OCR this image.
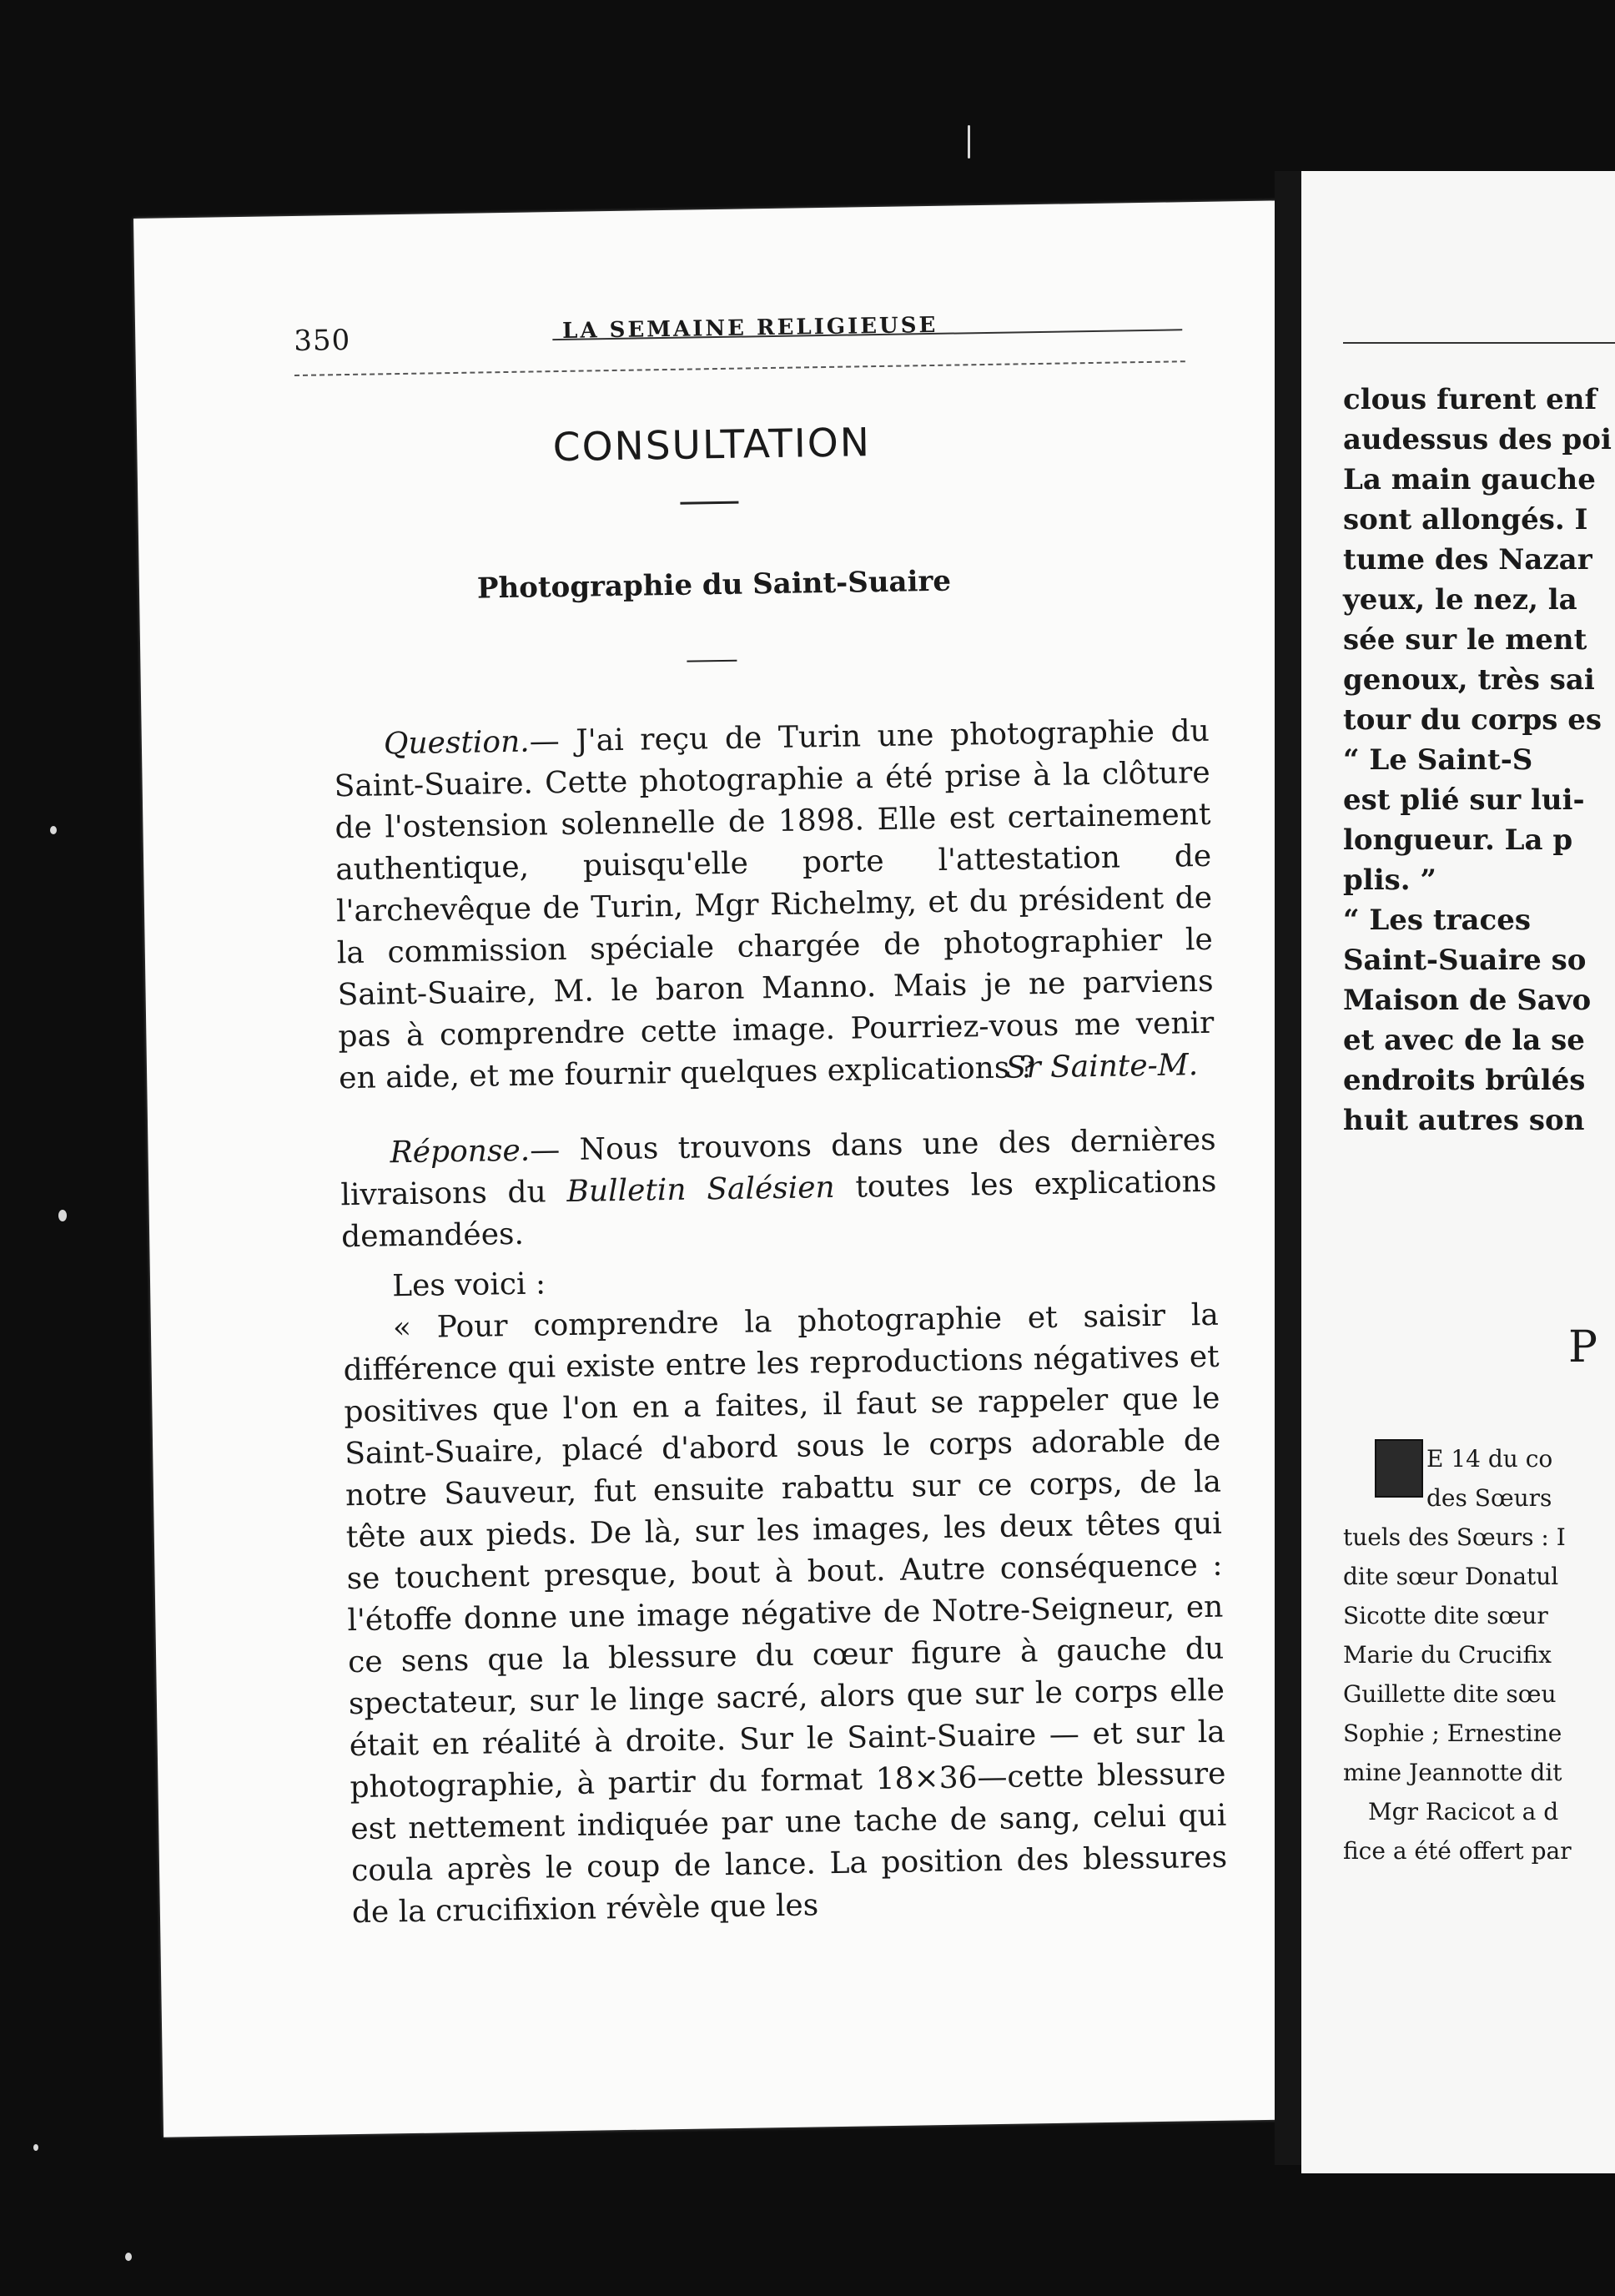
350	LA SEMAINE RELIGIEUSE
CONSULTATION
Photographie du Saint-Suaire

Question.— J'ai reçu de Turin une photographie du Saint-Suaire. Cette photographie a été prise à la clôture de l'ostension solennelle de 1898. Elle est certainement authentique, puisqu'elle porte l'attestation de l'archevêque de Turin, Mgr Richelmy, et du président de la commission spéciale chargée de photographier le Saint-Suaire, M. le baron Manno. Mais je ne parviens pas à comprendre cette image. Pourriez-vous me venir en aide, et me fournir quelques explications ?

Sr Sainte-M.

Réponse.— Nous trouvons dans une des dernières livraisons du Bulletin Salésien toutes les explications demandées.

Les voici :

« Pour comprendre la photographie et saisir la différence qui existe entre les reproductions négatives et positives que l'on en a faites, il faut se rappeler que le Saint-Suaire, placé d'abord sous le corps adorable de notre Sauveur, fut ensuite rabattu sur ce corps, de la tête aux pieds. De là, sur les images, les deux têtes qui se touchent presque, bout à bout. Autre conséquence : l'étoffe donne une image négative de Notre-Seigneur, en ce sens que la blessure du cœur figure à gauche du spectateur, sur le linge sacré, alors que sur le corps elle était en réalité à droite. Sur le Saint-Suaire — et sur la photographie, à partir du format 18×36—cette blessure est nettement indiquée par une tache de sang, celui qui coula après le coup de lance. La position des blessures de la crucifixion révèle que les

clous furent enf
audessus des poi
La main gauche
sont allongés. I
tume des Nazar
yeux, le nez, la
sée sur le ment
genoux, très sai
tour du corps es
“ Le Saint-S
est plié sur lui-
longueur. La p
plis. ”
“ Les traces
Saint-Suaire so
Maison de Savo
et avec de la se
endroits brûlés
huit autres son
P
E 14 du co
des Sœurs
tuels des Sœurs : I
dite sœur Donatul
Sicotte dite sœur
Marie du Crucifix
Guillette dite sœu
Sophie ; Ernestine
mine Jeannotte dit
Mgr Racicot a d
fice a été offert par
